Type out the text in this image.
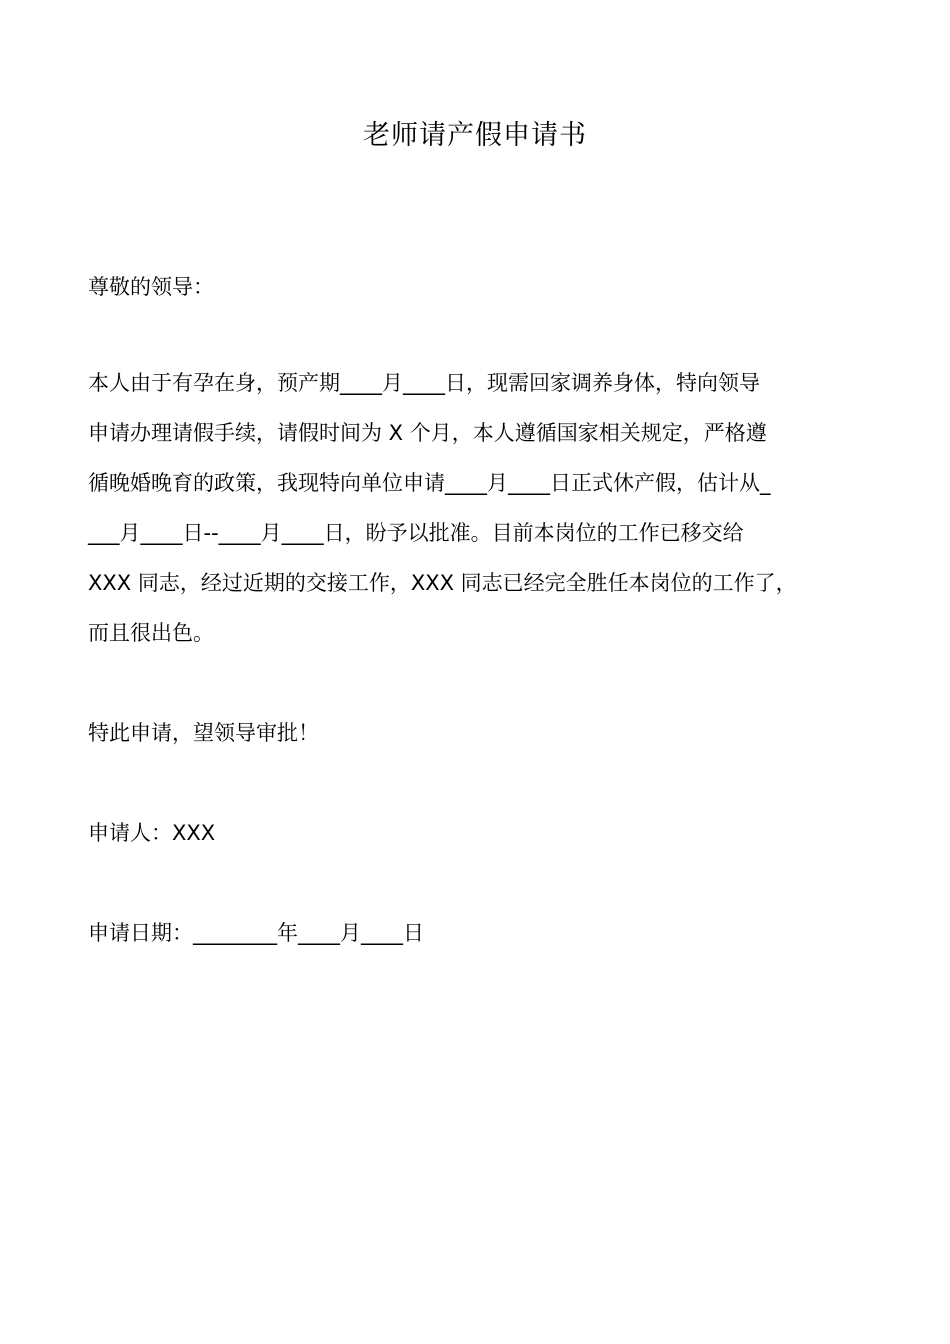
老师请产假申请书
尊敬的领导：
本人由于有孕在身，预产期____月____日，现需回家调养身体，特向领导
申请办理请假手续，请假时间为 X 个月，本人遵循国家相关规定，严格遵
循晚婚晚育的政策，我现特向单位申请____月____日正式休产假，估计从_
___月____日--____月____日，盼予以批准。目前本岗位的工作已移交给
XXX 同志，经过近期的交接工作，XXX 同志已经完全胜任本岗位的工作了，
而且很出色。
特此申请，望领导审批！
申请人：XXX
申请日期：________年____月____日
